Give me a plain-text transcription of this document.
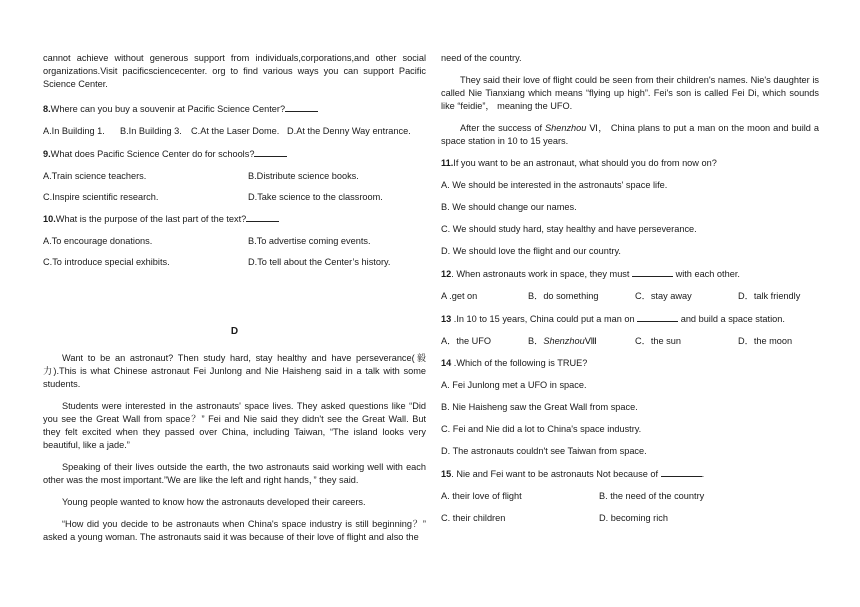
cannot achieve without generous support from individuals,corporations,and other social organizations.Visit pacificsciencecenter. org to find various ways you can support Pacific Science Center.

8.Where can you buy a souvenir at Pacific Science Center?

A.In Building 1.	B.In Building 3. C.At the Laser Dome. D.At the Denny Way entrance.

9.What does Pacific Science Center do for schools?

A.Train science teachers.	B.Distribute science books.
C.Inspire scientific research.	D.Take science to the classroom.

10.What is the purpose of the last part of the text?

A.To encourage donations.	B.To advertise coming events.
C.To introduce special exhibits.	D.To tell about the Center’s history.

D

Want to be an astronaut? Then study hard, stay healthy and have perseverance(毅力).This is what Chinese astronaut Fei Junlong and Nie Haisheng said in a talk with some students.

Students were interested in the astronauts' space lives. They asked questions like “Did you see the Great Wall from space？” Fei and Nie said they didn't see the Great Wall. But they felt excited when they passed over China, including Taiwan, “The island looks very beautiful, like a jade.”

Speaking of their lives outside the earth, the two astronauts said working well with each other was the most important.”We are like the left and right hands，” they said.

Young people wanted to know how the astronauts developed their careers.

“How did you decide to be astronauts when China's space industry is still beginning？” asked a young woman. The astronauts said it was because of their love of flight and also the

need of the country.

They said their love of flight could be seen from their children's names. Nie's daughter is called Nie Tianxiang which means “flying up high”. Fei's son is called Fei Di, which sounds like “feidie”， meaning the UFO.

After the success of Shenzhou Ⅵ， China plans to put a man on the moon and build a space station in 10 to 15 years.

11.If you want to be an astronaut, what should you do from now on?

A. We should be interested in the astronauts' space life.

B. We should change our names.

C. We should study hard, stay healthy and have perseverance.

D. We should love the flight and our country.

12. When astronauts work in space, they must	with each other.

A .get on	B．do something	C．stay away	D．talk friendly

13 .In 10 to 15 years, China could put a man on	and build a space station.

A．the UFO	B．ShenzhouⅧ	C．the sun	D．the moon

14 .Which of the following is TRUE?

A. Fei Junlong met a UFO in space.

B. Nie Haisheng saw the Great Wall from space.

C. Fei and Nie did a lot to China's space industry.

D. The astronauts couldn't see Taiwan from space.

15. Nie and Fei want to be astronauts Not because of	.

A. their love of flight	B. the need of the country
C. their children	D. becoming rich
